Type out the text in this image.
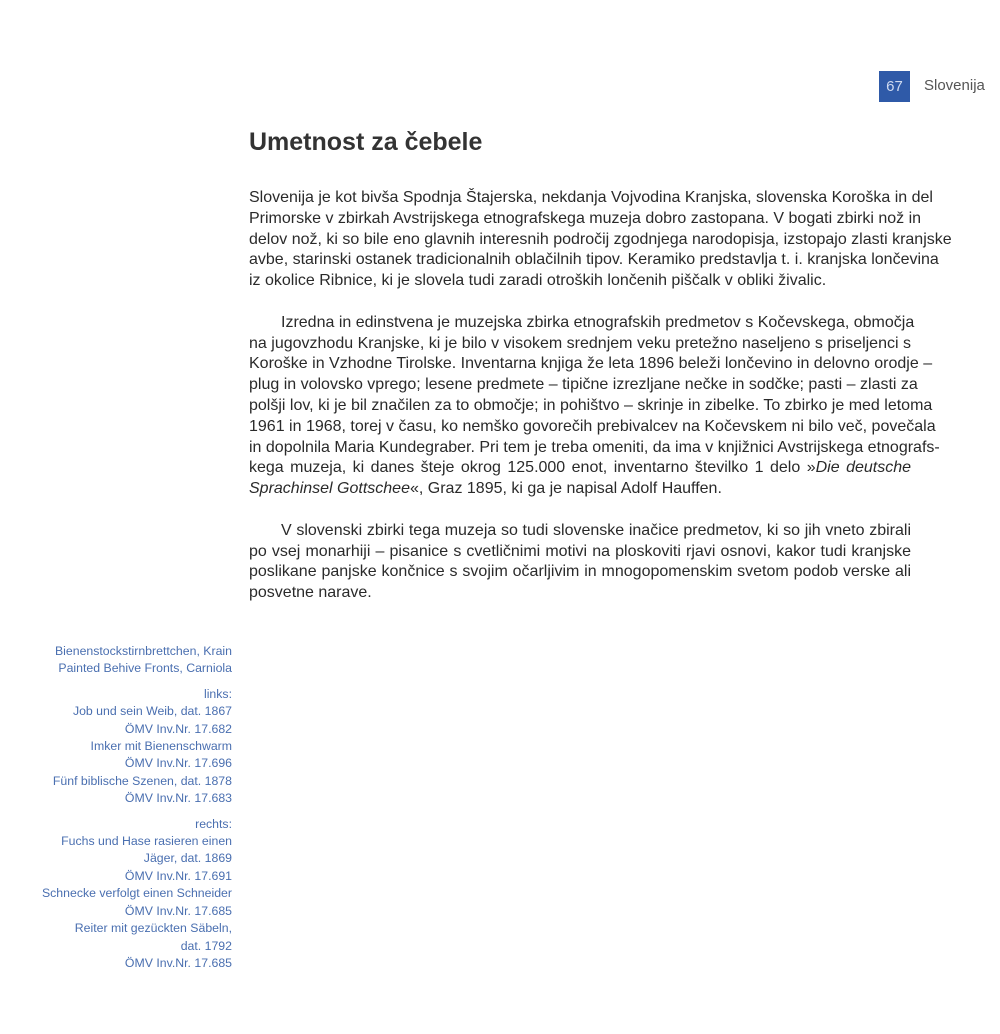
67	Slovenija
Umetnost za čebele
Slovenija je kot bivša Spodnja Štajerska, nekdanja Vojvodina Kranjska, slovenska Koroška in del
Primorske v zbirkah Avstrijskega etnografskega muzeja dobro zastopana. V bogati zbirki nož in
delov nož, ki so bile eno glavnih interesnih področij zgodnjega narodopisja, izstopajo zlasti kranjske
avbe, starinski ostanek tradicionalnih oblačilnih tipov. Keramiko predstavlja t. i. kranjska lončevina
iz okolice Ribnice, ki je slovela tudi zaradi otroških lončenih piščalk v obliki živalic.
Izredna in edinstvena je muzejska zbirka etnografskih predmetov s Kočevskega, območja
na jugovzhodu Kranjske, ki je bilo v visokem srednjem veku pretežno naseljeno s priseljenci s
Koroške in Vzhodne Tirolske. Inventarna knjiga že leta 1896 beleži lončevino in delovno orodje –
plug in volovsko vprego; lesene predmete – tipične izrezljane nečke in sodčke; pasti – zlasti za
polšji lov, ki je bil značilen za to območje; in pohištvo – skrinje in zibelke. To zbirko je med letoma
1961 in 1968, torej v času, ko nemško govorečih prebivalcev na Kočevskem ni bilo več, povečala
in dopolnila Maria Kundegraber. Pri tem je treba omeniti, da ima v knjižnici Avstrijskega etnografs-
kega muzeja, ki danes šteje okrog 125.000 enot, inventarno številko 1 delo »Die deutsche
Sprachinsel Gottschee«, Graz 1895, ki ga je napisal Adolf Hauffen.
V slovenski zbirki tega muzeja so tudi slovenske inačice predmetov, ki so jih vneto zbirali
po vsej monarhiji – pisanice s cvetličnimi motivi na ploskoviti rjavi osnovi, kakor tudi kranjske
poslikane panjske končnice s svojim očarljivim in mnogopomenskim svetom podob verske ali
posvetne narave.
Bienenstockstirnbrettchen, Krain
Painted Behive Fronts, Carniola
links:
Job und sein Weib, dat. 1867
ÖMV Inv.Nr. 17.682
Imker mit Bienenschwarm
ÖMV Inv.Nr. 17.696
Fünf biblische Szenen, dat. 1878
ÖMV Inv.Nr. 17.683
rechts:
Fuchs und Hase rasieren einen
Jäger, dat. 1869
ÖMV Inv.Nr. 17.691
Schnecke verfolgt einen Schneider
ÖMV Inv.Nr. 17.685
Reiter mit gezückten Säbeln,
dat. 1792
ÖMV Inv.Nr. 17.685
